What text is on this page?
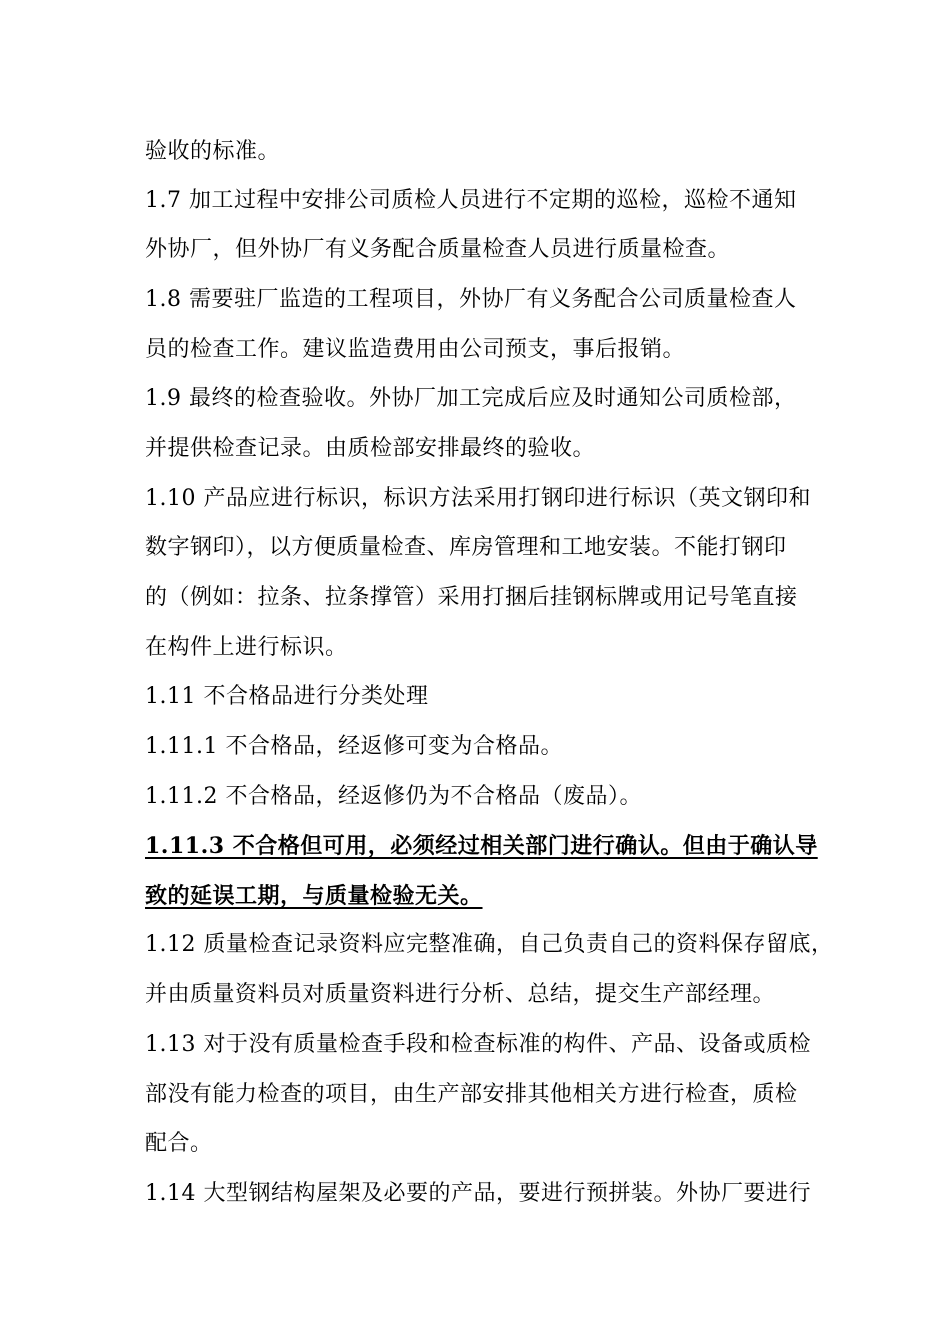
验收的标准。
1.7 加工过程中安排公司质检人员进行不定期的巡检，巡检不通知
外协厂，但外协厂有义务配合质量检查人员进行质量检查。
1.8 需要驻厂监造的工程项目，外协厂有义务配合公司质量检查人
员的检查工作。建议监造费用由公司预支，事后报销。
1.9 最终的检查验收。外协厂加工完成后应及时通知公司质检部，
并提供检查记录。由质检部安排最终的验收。
1.10 产品应进行标识，标识方法采用打钢印进行标识（英文钢印和
数字钢印），以方便质量检查、库房管理和工地安装。不能打钢印
的（例如：拉条、拉条撑管）采用打捆后挂钢标牌或用记号笔直接
在构件上进行标识。
1.11 不合格品进行分类处理
1.11.1 不合格品，经返修可变为合格品。
1.11.2 不合格品，经返修仍为不合格品（废品）。
1.11.3 不合格但可用，必须经过相关部门进行确认。但由于确认导
致的延误工期，与质量检验无关。
1.12 质量检查记录资料应完整准确，自己负责自己的资料保存留底，
并由质量资料员对质量资料进行分析、总结，提交生产部经理。
1.13 对于没有质量检查手段和检查标准的构件、产品、设备或质检
部没有能力检查的项目，由生产部安排其他相关方进行检查，质检
配合。
1.14 大型钢结构屋架及必要的产品，要进行预拼装。外协厂要进行
